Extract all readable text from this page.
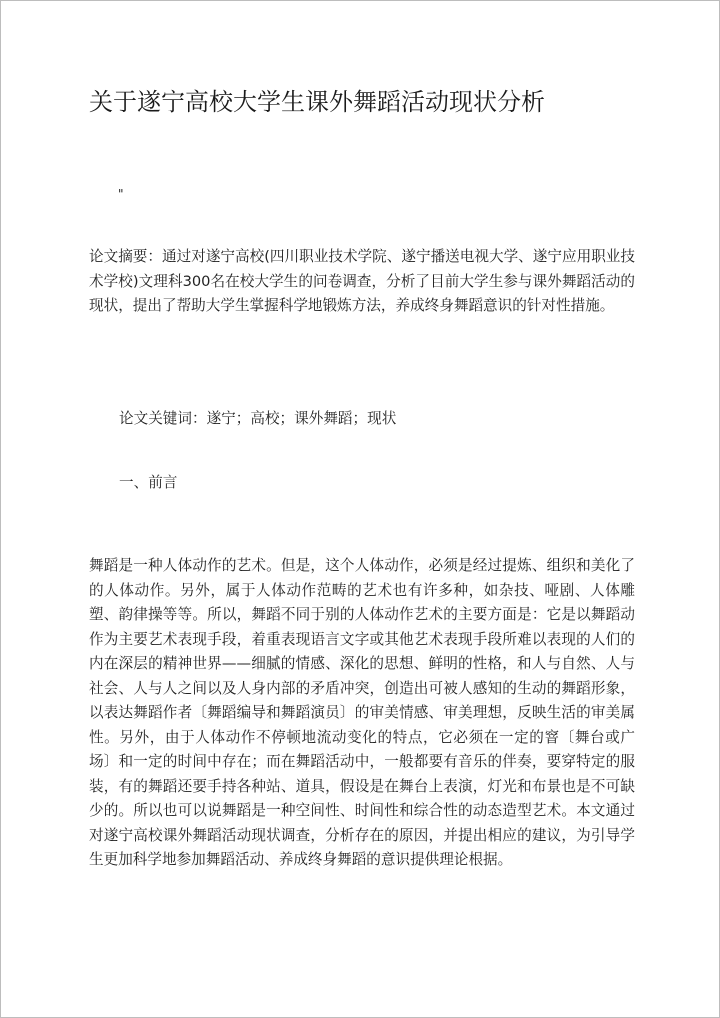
关于遂宁高校大学生课外舞蹈活动现状分析
"

论文摘要：通过对遂宁高校(四川职业技术学院、遂宁播送电视大学、遂宁应用职业技术学校)文理科300名在校大学生的问卷调查，分析了目前大学生参与课外舞蹈活动的现状，提出了帮助大学生掌握科学地锻炼方法，养成终身舞蹈意识的针对性措施。

论文关键词：遂宁；高校；课外舞蹈；现状
一、前言

舞蹈是一种人体动作的艺术。但是，这个人体动作，必须是经过提炼、组织和美化了的人体动作。另外，属于人体动作范畴的艺术也有许多种，如杂技、哑剧、人体雕塑、韵律操等等。所以，舞蹈不同于别的人体动作艺术的主要方面是：它是以舞蹈动作为主要艺术表现手段，着重表现语言文字或其他艺术表现手段所难以表现的人们的内在深层的精神世界——细腻的情感、深化的思想、鲜明的性格，和人与自然、人与社会、人与人之间以及人身内部的矛盾冲突，创造出可被人感知的生动的舞蹈形象，以表达舞蹈作者〔舞蹈编导和舞蹈演员〕的审美情感、审美理想，反映生活的审美属性。另外，由于人体动作不停顿地流动变化的特点，它必须在一定的窨〔舞台或广场〕和一定的时间中存在；而在舞蹈活动中，一般都要有音乐的伴奏，要穿特定的服装，有的舞蹈还要手持各种站、道具，假设是在舞台上表演，灯光和布景也是不可缺少的。所以也可以说舞蹈是一种空间性、时间性和综合性的动态造型艺术。本文通过对遂宁高校课外舞蹈活动现状调查，分析存在的原因，并提出相应的建议，为引导学生更加科学地参加舞蹈活动、养成终身舞蹈的意识提供理论根据。
